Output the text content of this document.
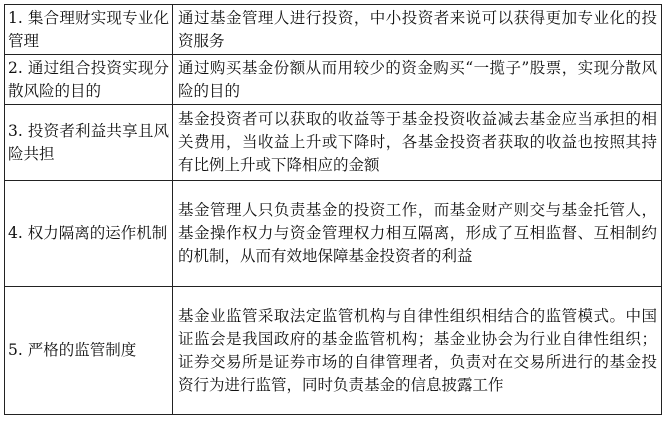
1. 集合理财实现专业化管理	通过基金管理人进行投资，中小投资者来说可以获得更加专业化的投资服务
2. 通过组合投资实现分散风险的目的	通过购买基金份额从而用较少的资金购买“一揽子”股票，实现分散风险的目的
3. 投资者利益共享且风险共担	基金投资者可以获取的收益等于基金投资收益减去基金应当承担的相关费用，当收益上升或下降时，各基金投资者获取的收益也按照其持有比例上升或下降相应的金额
4. 权力隔离的运作机制	基金管理人只负责基金的投资工作，而基金财产则交与基金托管人，基金操作权力与资金管理权力相互隔离，形成了互相监督、互相制约的机制，从而有效地保障基金投资者的利益
5. 严格的监管制度	基金业监管采取法定监管机构与自律性组织相结合的监管模式。中国证监会是我国政府的基金监管机构；基金业协会为行业自律性组织；证券交易所是证券市场的自律管理者，负责对在交易所进行的基金投资行为进行监管，同时负责基金的信息披露工作
